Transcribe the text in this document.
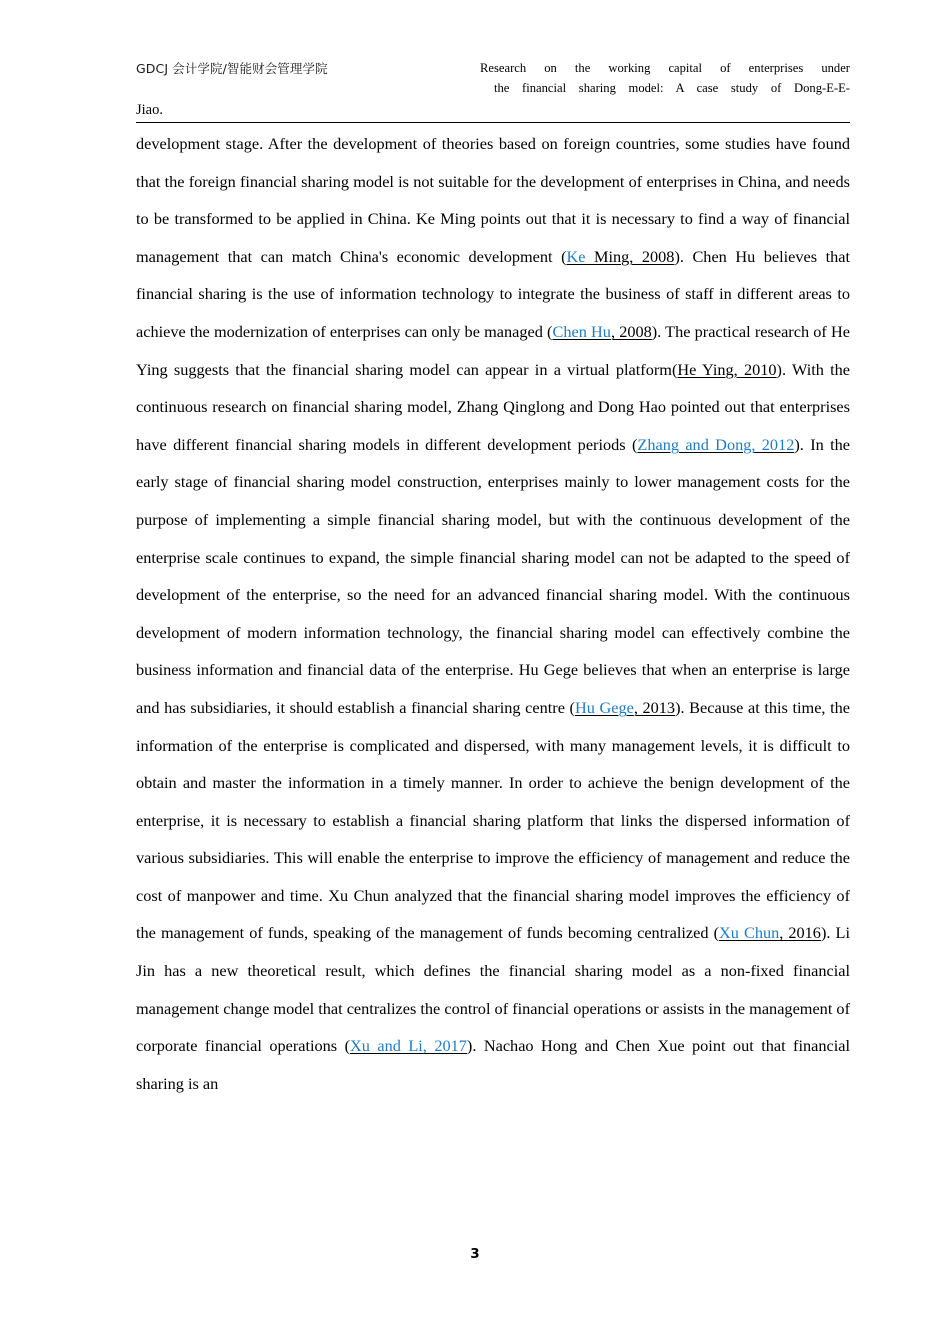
GDCJ 会计学院/智能财会管理学院	Research on the working capital of enterprises under
the financial sharing model: A case study of Dong-E-E-
Jiao.

development stage. After the development of theories based on foreign countries, some studies have found that the foreign financial sharing model is not suitable for the development of enterprises in China, and needs to be transformed to be applied in China. Ke Ming points out that it is necessary to find a way of financial management that can match China's economic development (Ke Ming, 2008). Chen Hu believes that financial sharing is the use of information technology to integrate the business of staff in different areas to achieve the modernization of enterprises can only be managed (Chen Hu, 2008). The practical research of He Ying suggests that the financial sharing model can appear in a virtual platform(He Ying, 2010). With the continuous research on financial sharing model, Zhang Qinglong and Dong Hao pointed out that enterprises have different financial sharing models in different development periods (Zhang and Dong, 2012). In the early stage of financial sharing model construction, enterprises mainly to lower management costs for the purpose of implementing a simple financial sharing model, but with the continuous development of the enterprise scale continues to expand, the simple financial sharing model can not be adapted to the speed of development of the enterprise, so the need for an advanced financial sharing model. With the continuous development of modern information technology, the financial sharing model can effectively combine the business information and financial data of the enterprise. Hu Gege believes that when an enterprise is large and has subsidiaries, it should establish a financial sharing centre (Hu Gege, 2013). Because at this time, the information of the enterprise is complicated and dispersed, with many management levels, it is difficult to obtain and master the information in a timely manner. In order to achieve the benign development of the enterprise, it is necessary to establish a financial sharing platform that links the dispersed information of various subsidiaries. This will enable the enterprise to improve the efficiency of management and reduce the cost of manpower and time. Xu Chun analyzed that the financial sharing model improves the efficiency of the management of funds, speaking of the management of funds becoming centralized (Xu Chun, 2016). Li Jin has a new theoretical result, which defines the financial sharing model as a non-fixed financial management change model that centralizes the control of financial operations or assists in the management of corporate financial operations (Xu and Li, 2017). Nachao Hong and Chen Xue point out that financial sharing is an

3
